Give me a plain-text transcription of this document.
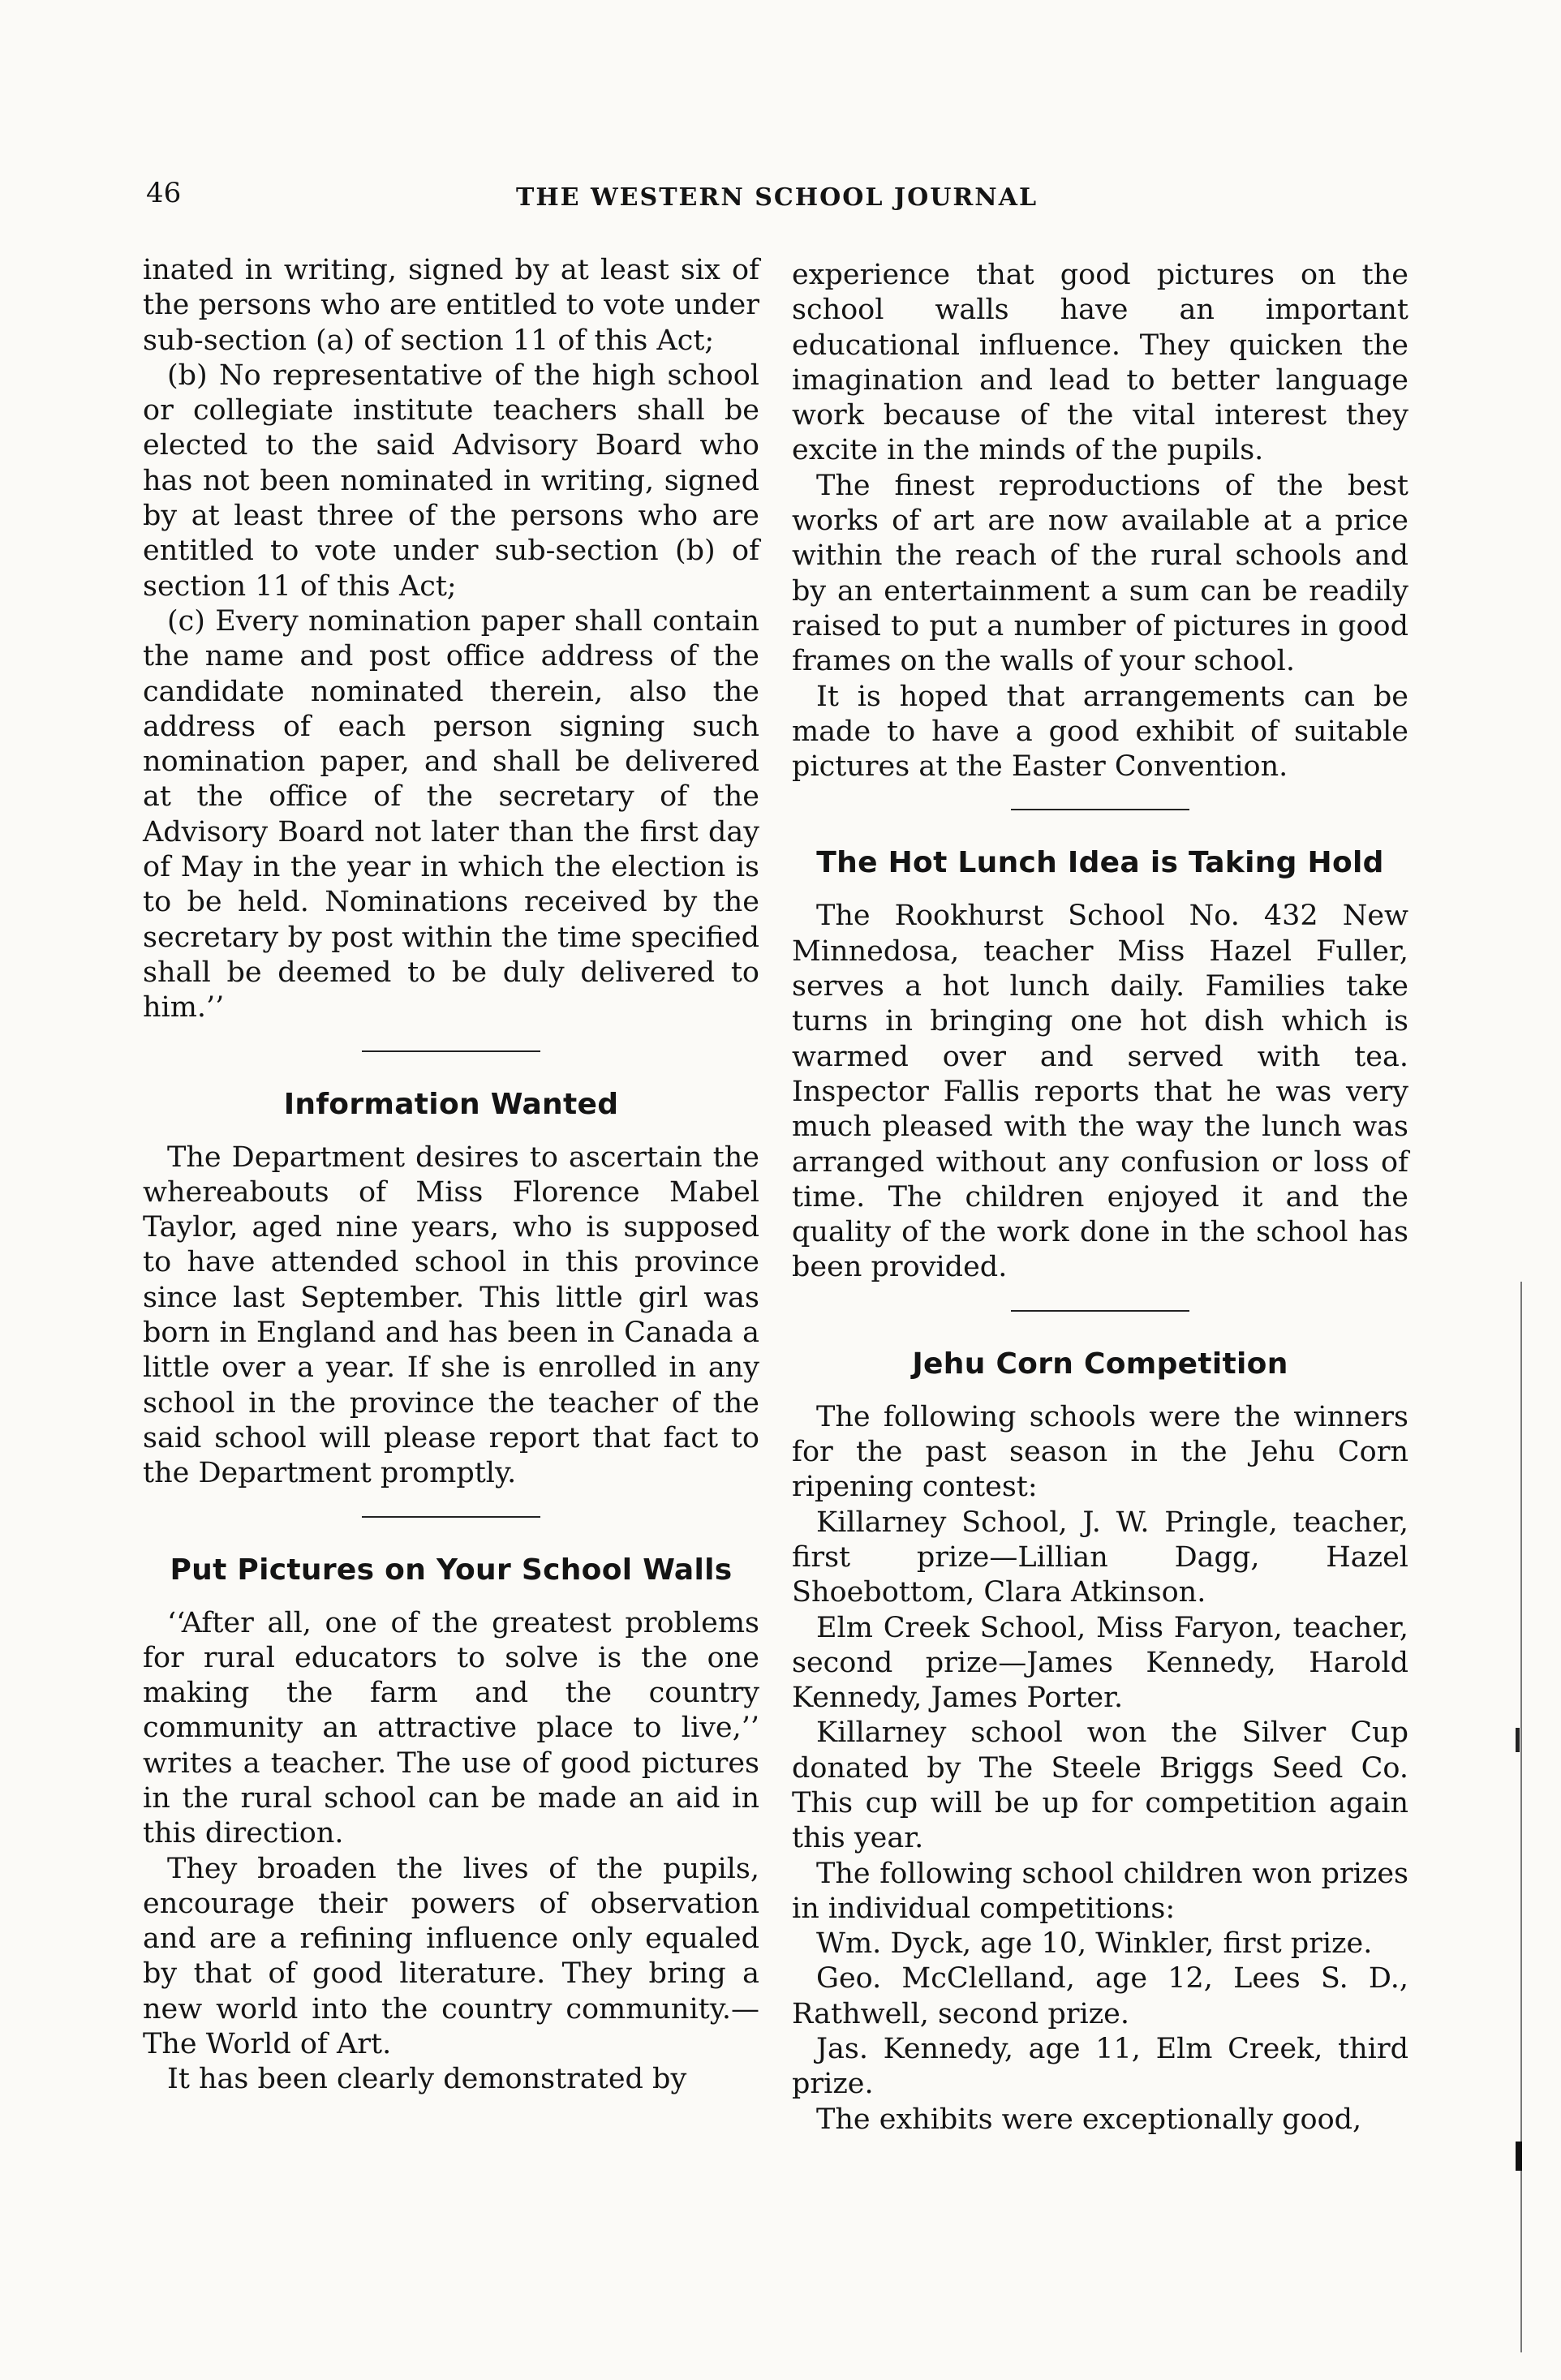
46	THE WESTERN SCHOOL JOURNAL

inated in writing, signed by at least six of the persons who are entitled to vote under sub-section (a) of section 11 of this Act;

(b) No representative of the high school or collegiate institute teachers shall be elected to the said Advisory Board who has not been nominated in writing, signed by at least three of the persons who are entitled to vote under sub-section (b) of section 11 of this Act;

(c) Every nomination paper shall contain the name and post office address of the candidate nominated therein, also the address of each person signing such nomination paper, and shall be delivered at the office of the secretary of the Advisory Board not later than the first day of May in the year in which the election is to be held. Nominations received by the secretary by post within the time specified shall be deemed to be duly delivered to him.’’

Information Wanted

The Department desires to ascertain the whereabouts of Miss Florence Mabel Taylor, aged nine years, who is supposed to have attended school in this province since last September. This little girl was born in England and has been in Canada a little over a year. If she is enrolled in any school in the province the teacher of the said school will please report that fact to the Department promptly.

Put Pictures on Your School Walls

‘‘After all, one of the greatest problems for rural educators to solve is the one making the farm and the country community an attractive place to live,’’ writes a teacher. The use of good pictures in the rural school can be made an aid in this direction.

They broaden the lives of the pupils, encourage their powers of observation and are a refining influence only equaled by that of good literature. They bring a new world into the country community.—The World of Art.

It has been clearly demonstrated by

experience that good pictures on the school walls have an important educational influence. They quicken the imagination and lead to better language work because of the vital interest they excite in the minds of the pupils.

The finest reproductions of the best works of art are now available at a price within the reach of the rural schools and by an entertainment a sum can be readily raised to put a number of pictures in good frames on the walls of your school.

It is hoped that arrangements can be made to have a good exhibit of suitable pictures at the Easter Convention.

The Hot Lunch Idea is Taking Hold

The Rookhurst School No. 432 New Minnedosa, teacher Miss Hazel Fuller, serves a hot lunch daily. Families take turns in bringing one hot dish which is warmed over and served with tea. Inspector Fallis reports that he was very much pleased with the way the lunch was arranged without any confusion or loss of time. The children enjoyed it and the quality of the work done in the school has been provided.

Jehu Corn Competition

The following schools were the winners for the past season in the Jehu Corn ripening contest:

Killarney School, J. W. Pringle, teacher, first prize—Lillian Dagg, Hazel Shoebottom, Clara Atkinson.

Elm Creek School, Miss Faryon, teacher, second prize—James Kennedy, Harold Kennedy, James Porter.

Killarney school won the Silver Cup donated by The Steele Briggs Seed Co. This cup will be up for competition again this year.

The following school children won prizes in individual competitions:

Wm. Dyck, age 10, Winkler, first prize.

Geo. McClelland, age 12, Lees S. D., Rathwell, second prize.

Jas. Kennedy, age 11, Elm Creek, third prize.

The exhibits were exceptionally good,
